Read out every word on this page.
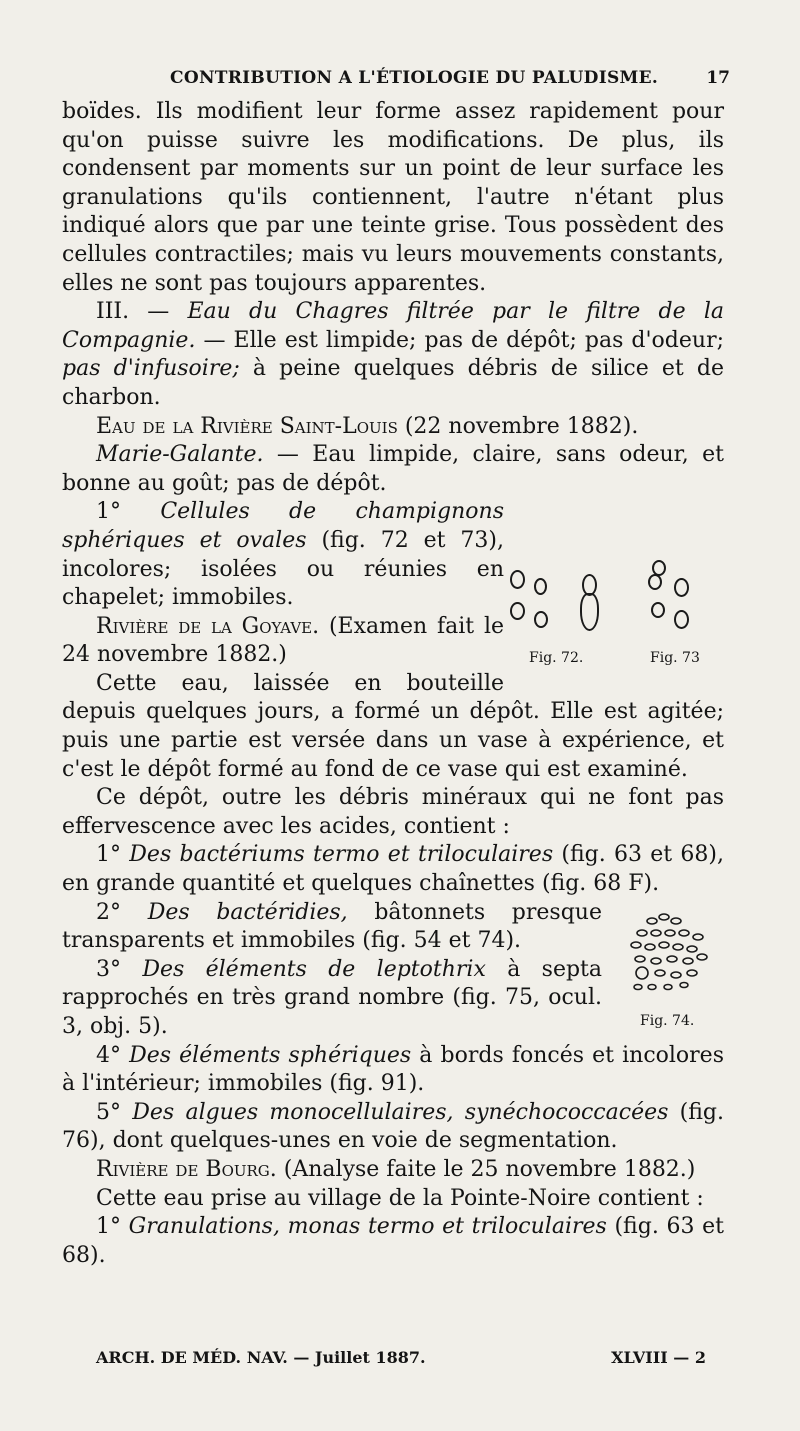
CONTRIBUTION A L'ÉTIOLOGIE DU PALUDISME.	17

boïdes. Ils modifient leur forme assez rapidement pour qu'on puisse suivre les modifications. De plus, ils condensent par moments sur un point de leur surface les granulations qu'ils contiennent, l'autre n'étant plus indiqué alors que par une teinte grise. Tous possèdent des cellules contractiles; mais vu leurs mouvements constants, elles ne sont pas toujours apparentes.

III. — Eau du Chagres filtrée par le filtre de la Compagnie. — Elle est limpide; pas de dépôt; pas d'odeur; pas d'infusoire; à peine quelques débris de silice et de charbon.

Eau de la Rivière Saint-Louis (22 novembre 1882).

Marie-Galante. — Eau limpide, claire, sans odeur, et bonne au goût; pas de dépôt.

Fig. 72.	Fig. 73

1° Cellules de champignons sphériques et ovales (fig. 72 et 73), incolores; isolées ou réunies en chapelet; immobiles.

Rivière de la Goyave. (Examen fait le 24 novembre 1882.)

Cette eau, laissée en bouteille depuis quelques jours, a formé un dépôt. Elle est agitée; puis une partie est versée dans un vase à expérience, et c'est le dépôt formé au fond de ce vase qui est examiné.

Ce dépôt, outre les débris minéraux qui ne font pas effervescence avec les acides, contient :

1° Des bactériums termo et triloculaires (fig. 63 et 68), en grande quantité et quelques chaînettes (fig. 68 F).

Fig. 74.

2° Des bactéridies, bâtonnets presque transparents et immobiles (fig. 54 et 74).

3° Des éléments de leptothrix à septa rapprochés en très grand nombre (fig. 75, ocul. 3, obj. 5).

4° Des éléments sphériques à bords foncés et incolores à l'intérieur; immobiles (fig. 91).

5° Des algues monocellulaires, synéchococcacées (fig. 76), dont quelques-unes en voie de segmentation.

Rivière de Bourg. (Analyse faite le 25 novembre 1882.)

Cette eau prise au village de la Pointe-Noire contient :

1° Granulations, monas termo et triloculaires (fig. 63 et 68).

ARCH. DE MÉD. NAV. — Juillet 1887.	XLVIII — 2
